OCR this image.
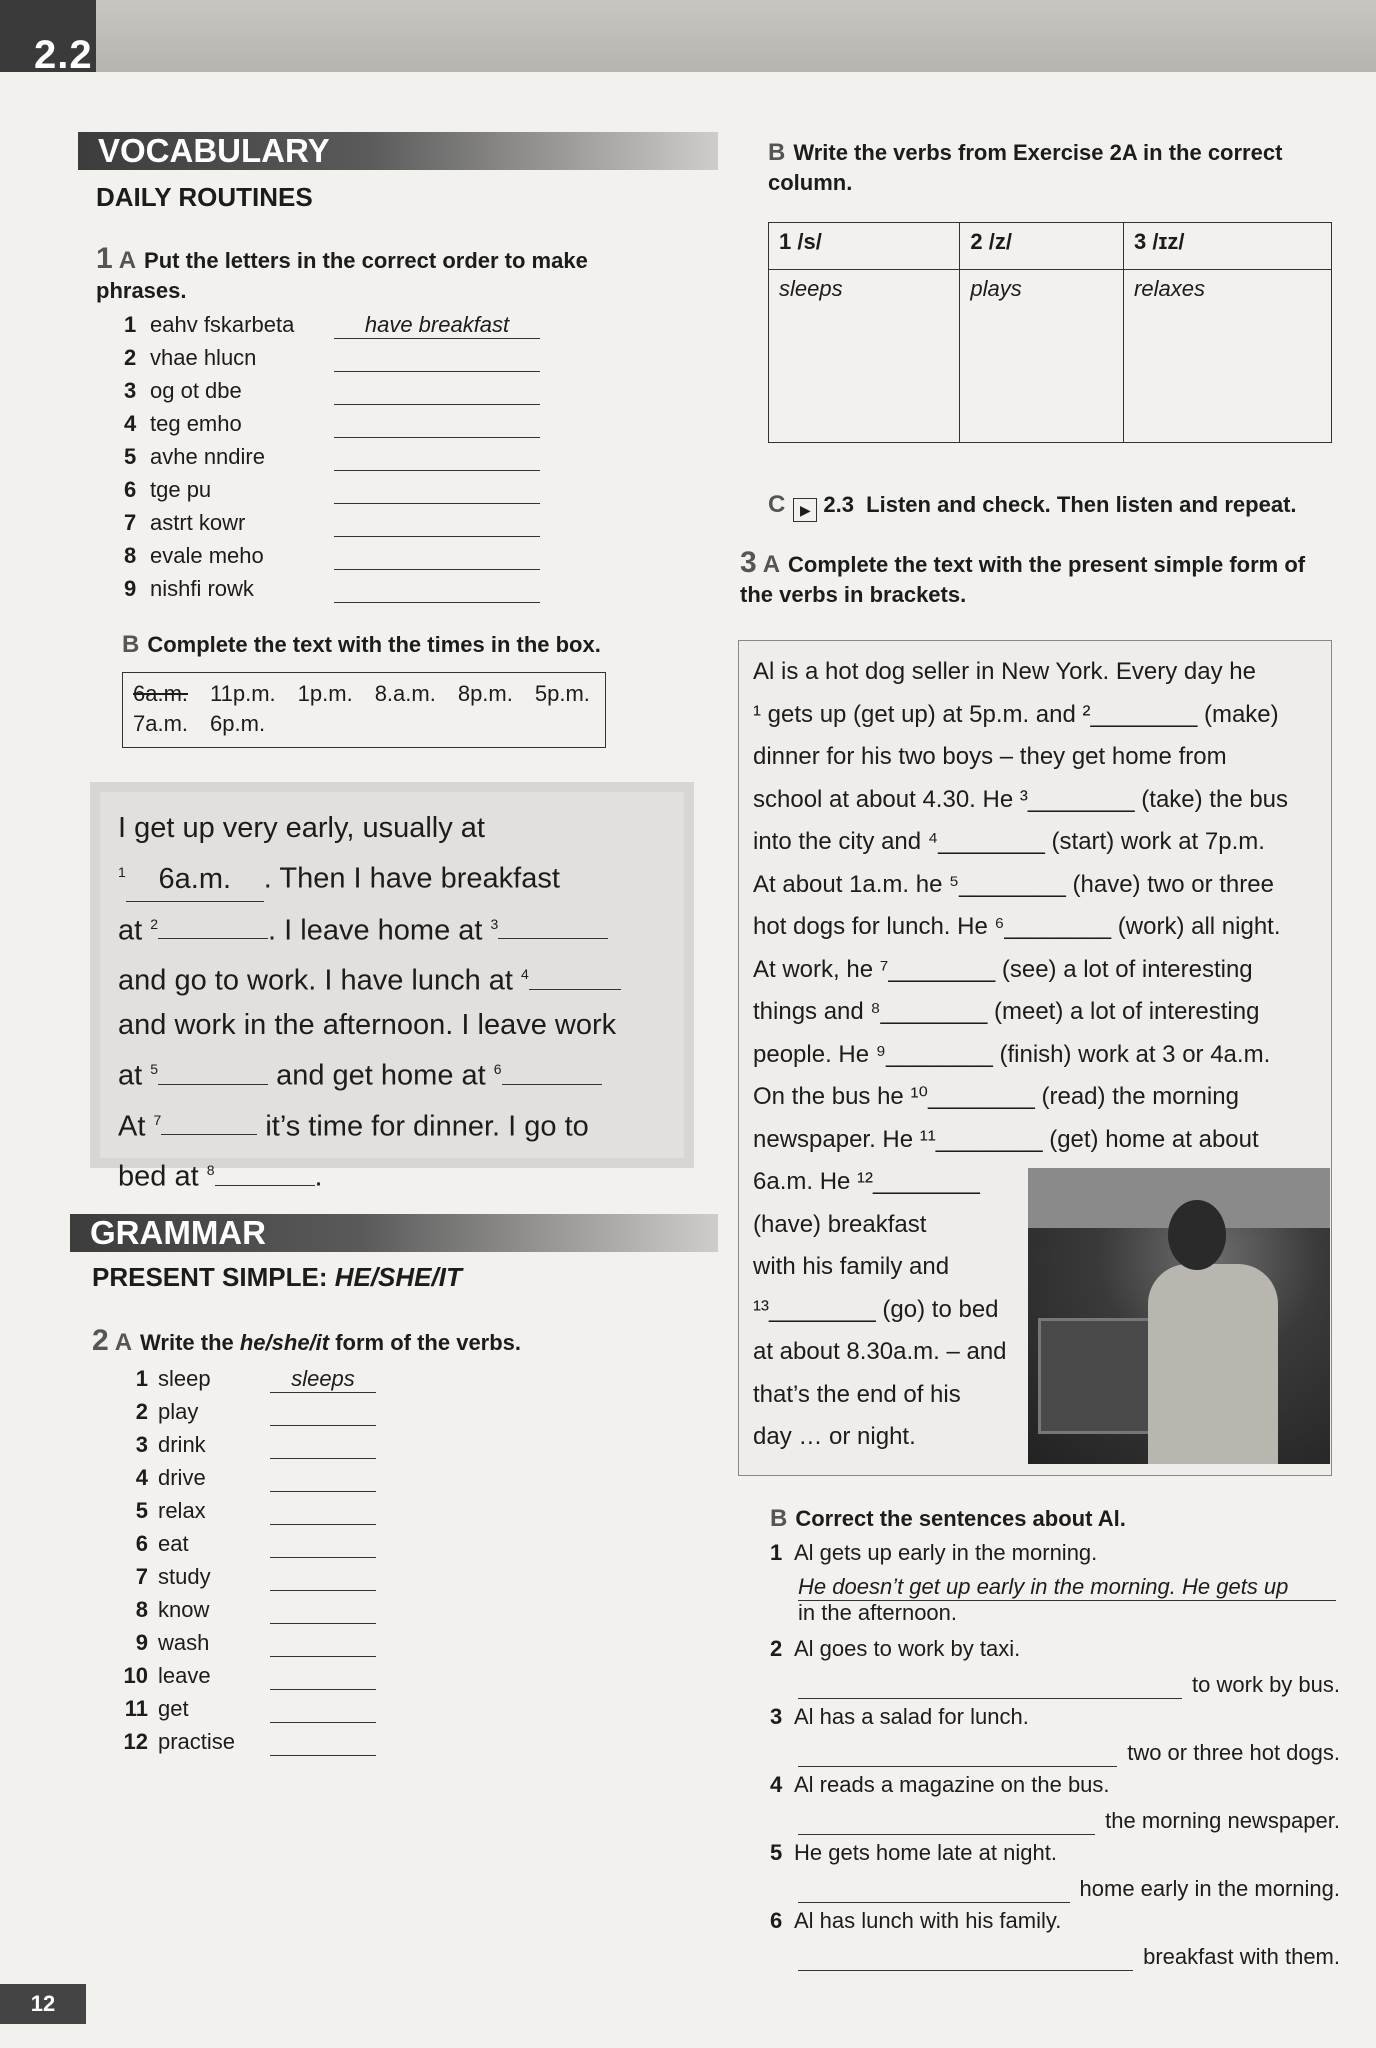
2.2
VOCABULARY
DAILY ROUTINES
1 A Put the letters in the correct order to make phrases.
1 eahv fskarbeta	have breakfast
2 vhae hlucn
3 og ot dbe
4 teg emho
5 avhe nndire
6 tge pu
7 astrt kowr
8 evale meho
9 nishfi rowk
B Complete the text with the times in the box.
6a.m. 11p.m. 1p.m. 8.a.m. 8p.m. 5p.m.
7a.m. 6p.m.
I get up very early, usually at
$^1$ 6a.m. . Then I have breakfast
at $^2$	. I leave home at $^3$
and go to work. I have lunch at $^4$
and work in the afternoon. I leave work
at $^5$	and get home at $^6$
At $^7$	it’s time for dinner. I go to
bed at $^8$	.
GRAMMAR
PRESENT SIMPLE: HE/SHE/IT
2 A Write the he/she/it form of the verbs.
1 sleep	sleeps
2 play
3 drink
4 drive
5 relax
6 eat
7 study
8 know
9 wash
10 leave
11 get
12 practise
B Write the verbs from Exercise 2A in the correct column.
1 /s/	2 /z/	3 /ɪz/
sleeps	plays	relaxes
C ▶ 2.3 Listen and check. Then listen and repeat.
3 A Complete the text with the present simple form of the verbs in brackets.
Al is a hot dog seller in New York. Every day he
¹ gets up (get up) at 5p.m. and ²________ (make)
dinner for his two boys – they get home from
school at about 4.30. He ³________ (take) the bus
into the city and ⁴________ (start) work at 7p.m.
At about 1a.m. he ⁵________ (have) two or three
hot dogs for lunch. He ⁶________ (work) all night.
At work, he ⁷________ (see) a lot of interesting
things and ⁸________ (meet) a lot of interesting
people. He ⁹________ (finish) work at 3 or 4a.m.
On the bus he ¹⁰________ (read) the morning
newspaper. He ¹¹________ (get) home at about
6a.m. He ¹²________
(have) breakfast
with his family and
¹³________ (go) to bed
at about 8.30a.m. – and
that’s the end of his
day … or night.
B Correct the sentences about Al.
1 Al gets up early in the morning.
He doesn’t get up early in the morning. He gets up
in the afternoon.
2 Al goes to work by taxi.
to work by bus.
3 Al has a salad for lunch.
two or three hot dogs.
4 Al reads a magazine on the bus.
the morning newspaper.
5 He gets home late at night.
home early in the morning.
6 Al has lunch with his family.
breakfast with them.
12
